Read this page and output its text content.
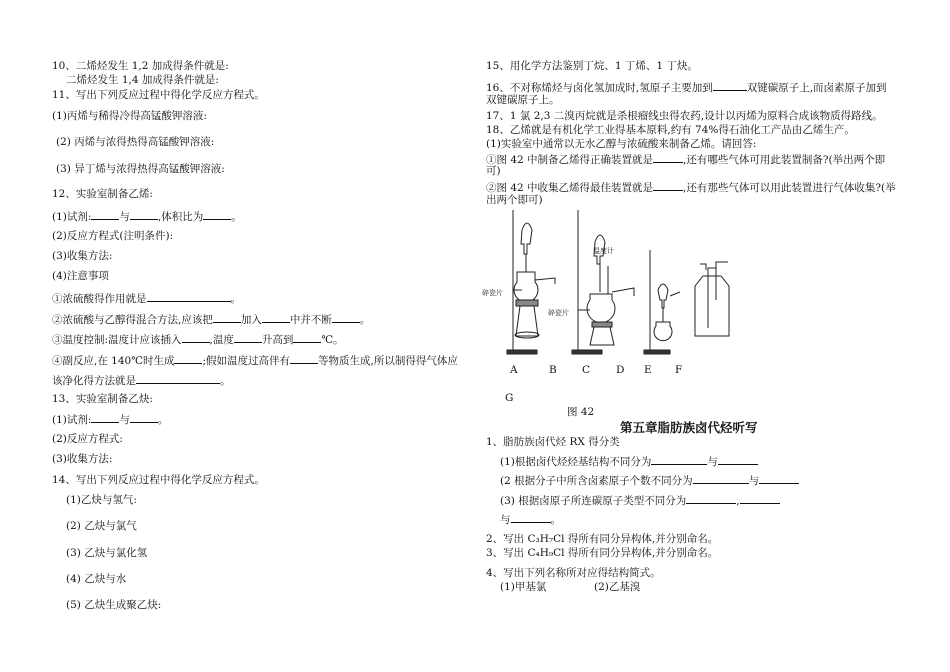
10、二烯烃发生 1,2 加成得条件就是:
二烯烃发生 1,4 加成得条件就是:
11、写出下列反应过程中得化学反应方程式。
(1)丙烯与稀得冷得高锰酸钾溶液:
(2) 丙烯与浓得热得高锰酸钾溶液:
(3) 异丁烯与浓得热得高锰酸钾溶液:
12、实验室制备乙烯:
(1)试剂:	与	,体积比为	。
(2)反应方程式(注明条件):
(3)收集方法:
(4)注意事项
①浓硫酸得作用就是	。
②浓硫酸与乙醇得混合方法,应该把	加入	中并不断	。
③温度控制:温度计应该插入	,温度	升高到	℃。
④副反应,在 140℃时生成	;假如温度过高伴有	等物质生成,所以制得得气体应
该净化得方法就是	。
13、实验室制备乙炔:
(1)试剂:	与	。
(2)反应方程式:
(3)收集方法:
14、写出下列反应过程中得化学反应方程式。
(1)乙炔与氢气:
(2) 乙炔与氯气
(3) 乙炔与氯化氢
(4) 乙炔与水
(5) 乙炔生成聚乙炔:
15、用化学方法鉴别丁烷、1 丁烯、1 丁炔。
16、不对称烯烃与卤化氢加成时,氢原子主要加到	双键碳原子上,而卤素原子加到
双键碳原子上。
17、1 氯 2,3 二溴丙烷就是杀根瘤线虫得农药,设计以丙烯为原料合成该物质得路线。
18、乙烯就是有机化学工业得基本原料,约有 74%得石油化工产品由乙烯生产。
(1)实验室中通常以无水乙醇与浓硫酸来制备乙烯。请回答:
①图 42 中制备乙烯得正确装置就是	,还有哪些气体可用此装置制备?(举出两个即
可)
②图 42 中收集乙烯得最佳装置就是	,还有那些气体可以用此装置进行气体收集?(举
出两个即可)
温度计
碎瓷片
碎瓷片
A	B C D E F
G
图 42
第五章脂肪族卤代烃听写
1、脂肪族卤代烃 RX 得分类
(1)根据卤代烃烃基结构不同分为	与
(2 根据分子中所含卤素原子个数不同分为	与
(3) 根据卤原子所连碳原子类型不同分为	,
与	。
2、写出 C₃H₇Cl 得所有同分异构体,并分别命名。
3、写出 C₄H₉Cl 得所有同分异构体,并分别命名。
4、写出下列名称所对应得结构简式。
(1)甲基氯	(2)乙基溴
